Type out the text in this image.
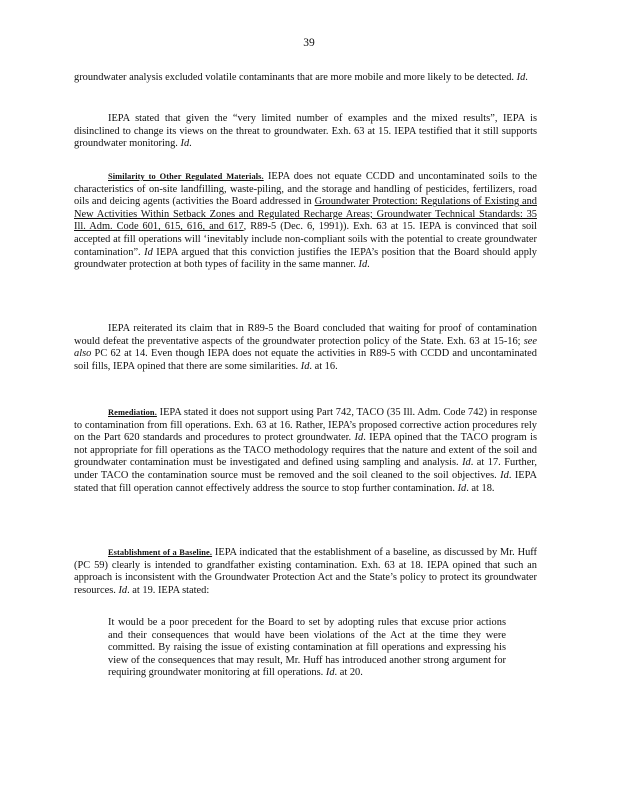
39

groundwater analysis excluded volatile contaminants that are more mobile and more likely to be detected. Id.

IEPA stated that given the “very limited number of examples and the mixed results”, IEPA is disinclined to change its views on the threat to groundwater. Exh. 63 at 15. IEPA testified that it still supports groundwater monitoring. Id.

Similarity to Other Regulated Materials. IEPA does not equate CCDD and uncontaminated soils to the characteristics of on-site landfilling, waste-piling, and the storage and handling of pesticides, fertilizers, road oils and deicing agents (activities the Board addressed in Groundwater Protection: Regulations of Existing and New Activities Within Setback Zones and Regulated Recharge Areas; Groundwater Technical Standards: 35 Ill. Adm. Code 601, 615, 616, and 617, R89-5 (Dec. 6, 1991)). Exh. 63 at 15. IEPA is convinced that soil accepted at fill operations will ‘inevitably include non-compliant soils with the potential to create groundwater contamination”. Id IEPA argued that this conviction justifies the IEPA’s position that the Board should apply groundwater protection at both types of facility in the same manner. Id.

IEPA reiterated its claim that in R89-5 the Board concluded that waiting for proof of contamination would defeat the preventative aspects of the groundwater protection policy of the State. Exh. 63 at 15-16; see also PC 62 at 14. Even though IEPA does not equate the activities in R89-5 with CCDD and uncontaminated soil fills, IEPA opined that there are some similarities. Id. at 16.

Remediation. IEPA stated it does not support using Part 742, TACO (35 Ill. Adm. Code 742) in response to contamination from fill operations. Exh. 63 at 16. Rather, IEPA’s proposed corrective action procedures rely on the Part 620 standards and procedures to protect groundwater. Id. IEPA opined that the TACO program is not appropriate for fill operations as the TACO methodology requires that the nature and extent of the soil and groundwater contamination must be investigated and defined using sampling and analysis. Id. at 17. Further, under TACO the contamination source must be removed and the soil cleaned to the soil objectives. Id. IEPA stated that fill operation cannot effectively address the source to stop further contamination. Id. at 18.

Establishment of a Baseline. IEPA indicated that the establishment of a baseline, as discussed by Mr. Huff (PC 59) clearly is intended to grandfather existing contamination. Exh. 63 at 18. IEPA opined that such an approach is inconsistent with the Groundwater Protection Act and the State’s policy to protect its groundwater resources. Id. at 19. IEPA stated:

It would be a poor precedent for the Board to set by adopting rules that excuse prior actions and their consequences that would have been violations of the Act at the time they were committed. By raising the issue of existing contamination at fill operations and expressing his view of the consequences that may result, Mr. Huff has introduced another strong argument for requiring groundwater monitoring at fill operations. Id. at 20.
